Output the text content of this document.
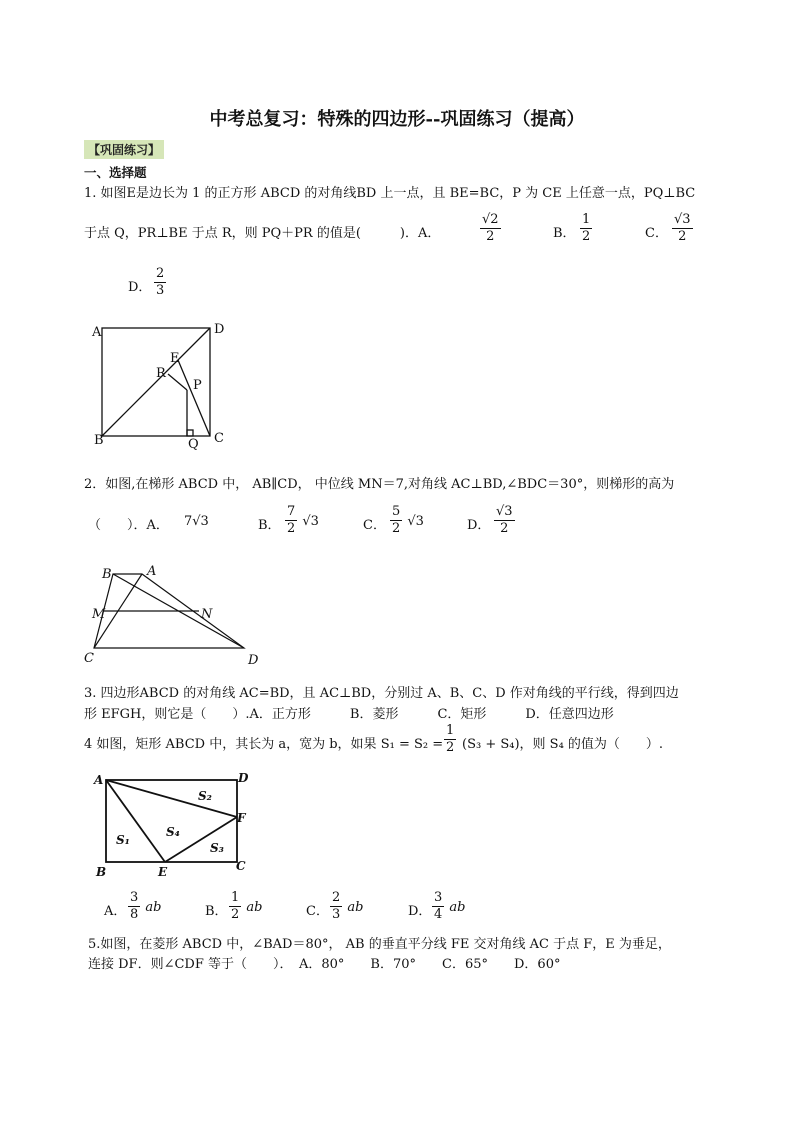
中考总复习：特殊的四边形--巩固练习（提高）
【巩固练习】
一、选择题
1. 如图E是边长为 1 的正方形 ABCD 的对角线BD 上一点，且 BE=BC，P 为 CE 上任意一点，PQ⊥BC
于点 Q，PR⊥BE 于点 R，则 PQ＋PR 的值是(　　　)．A．	$\frac{√2}{2}$	B． $\frac{1}{2}$	C． $\frac{√3}{2}$
D． $\frac{2}{3}$
A	D
B	C
E
R
P
Q
2．如图,在梯形 ABCD 中， AB∥CD， 中位线 MN＝7,对角线 AC⊥BD,∠BDC＝30°，则梯形的高为
（　　）．A． 7√3	B． $\frac{7}{2} √3$	C． $\frac{5}{2} √3$	D． $\frac{√3}{2}$
B	A
M	N
C	D
3. 四边形ABCD 的对角线 AC=BD，且 AC⊥BD，分别过 A、B、C、D 作对角线的平行线，得到四边
形 EFGH，则它是（　　）.A．正方形　　　B．菱形　　　C．矩形　　　D．任意四边形
4 如图，矩形 ABCD 中，其长为 a，宽为 b，如果 $S_1 = S_2 = \frac{1}{2} (S_3 + S_4)$，则 S₄ 的值为（　　）.
A	D
B	E	C
F
S₂
S₁
S₄
S₃
A． $\frac{3}{8}$ ab	B． $\frac{1}{2}$ ab	C． $\frac{2}{3}$ ab	D． $\frac{3}{4}$ ab
5.如图，在菱形 ABCD 中，∠BAD＝80°， AB 的垂直平分线 FE 交对角线 AC 于点 F，E 为垂足，
连接 DF．则∠CDF 等于（　　）．　A．80°　　B．70°　　C．65°　　D．60°
